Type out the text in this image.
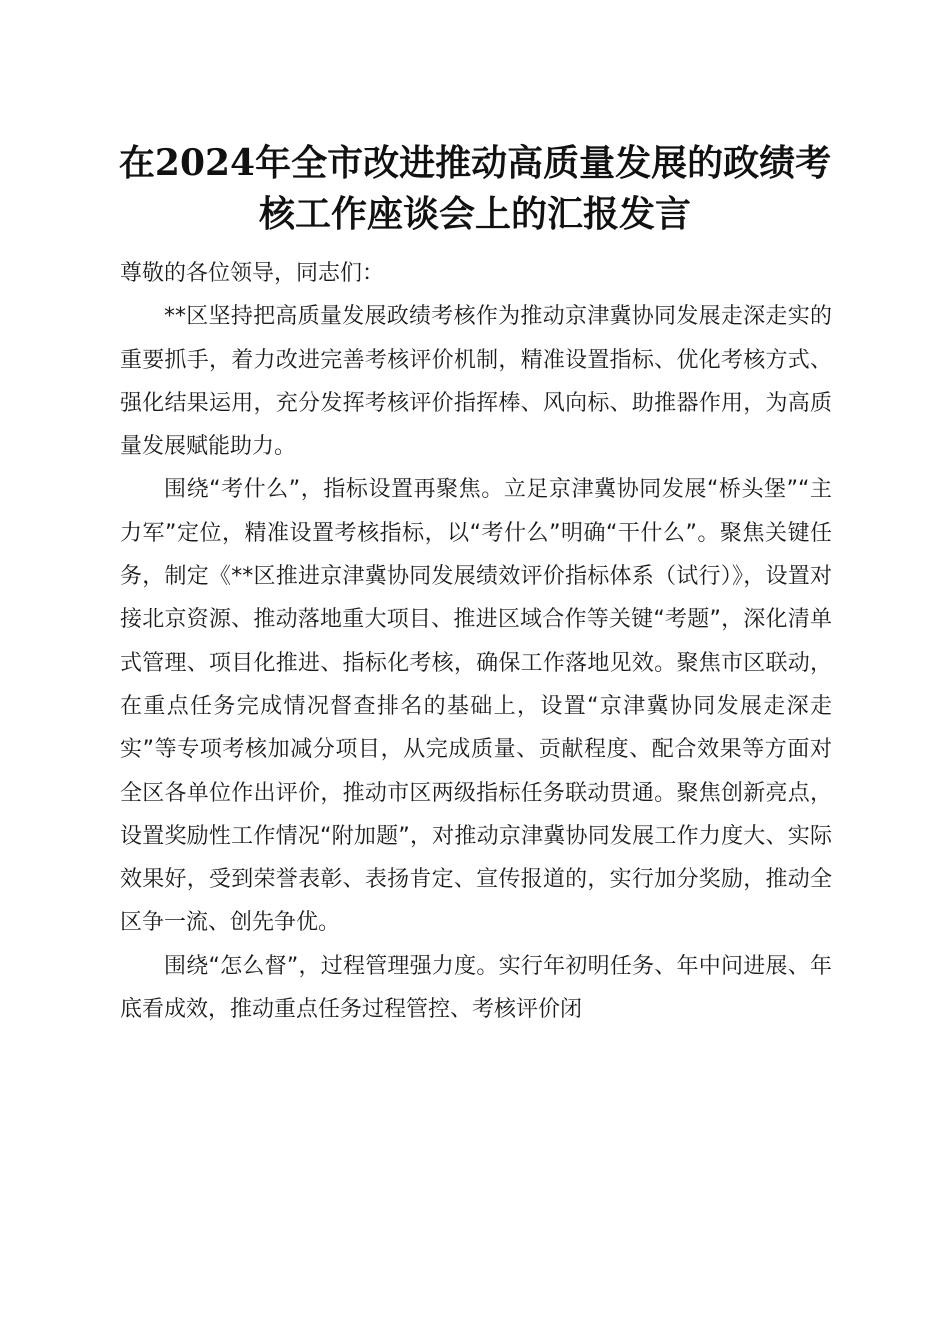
在2024年全市改进推动高质量发展的政绩考
核工作座谈会上的汇报发言

尊敬的各位领导，同志们：

**区坚持把高质量发展政绩考核作为推动京津冀协同发展走深走实的重要抓手，着力改进完善考核评价机制，精准设置指标、优化考核方式、强化结果运用，充分发挥考核评价指挥棒、风向标、助推器作用，为高质量发展赋能助力。

围绕“考什么”，指标设置再聚焦。立足京津冀协同发展“桥头堡”“主力军”定位，精准设置考核指标，以“考什么”明确“干什么”。聚焦关键任务，制定《**区推进京津冀协同发展绩效评价指标体系（试行）》，设置对接北京资源、推动落地重大项目、推进区域合作等关键“考题”，深化清单式管理、项目化推进、指标化考核，确保工作落地见效。聚焦市区联动，在重点任务完成情况督查排名的基础上，设置“京津冀协同发展走深走实”等专项考核加减分项目，从完成质量、贡献程度、配合效果等方面对全区各单位作出评价，推动市区两级指标任务联动贯通。聚焦创新亮点，设置奖励性工作情况“附加题”，对推动京津冀协同发展工作力度大、实际效果好，受到荣誉表彰、表扬肯定、宣传报道的，实行加分奖励，推动全区争一流、创先争优。

围绕“怎么督”，过程管理强力度。实行年初明任务、年中问进展、年底看成效，推动重点任务过程管控、考核评价闭
